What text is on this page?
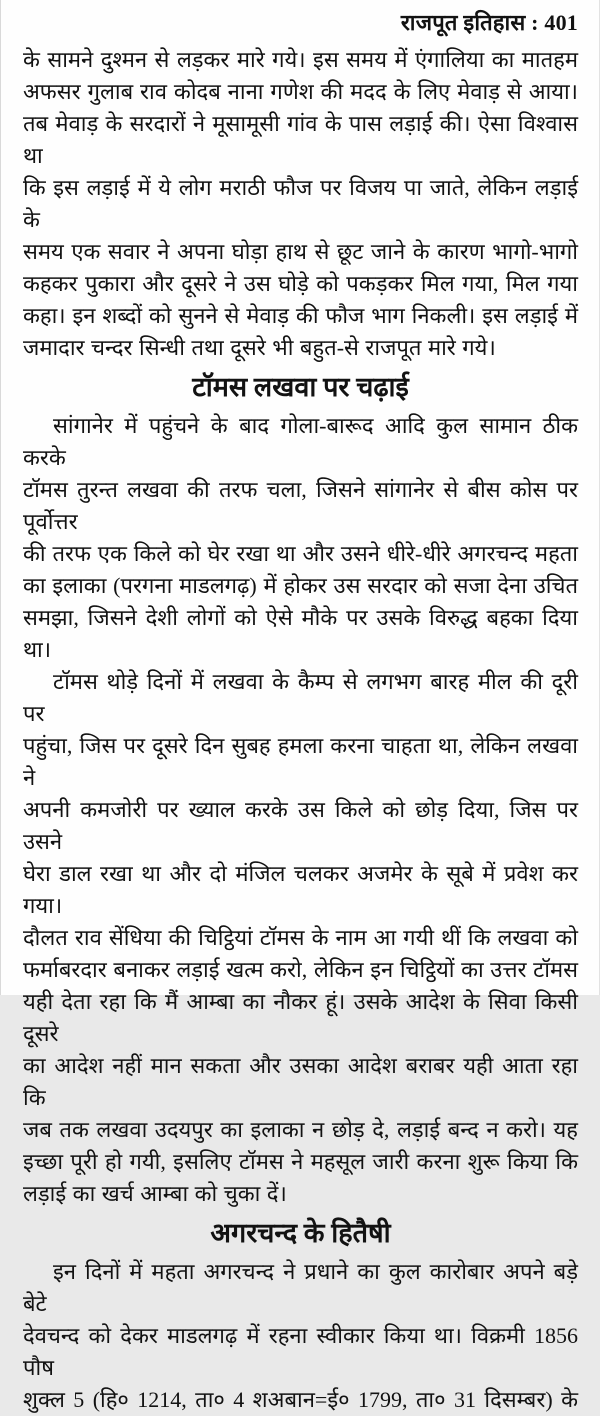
राजपूत इतिहास : 401
के सामने दुश्मन से लड़कर मारे गये। इस समय में एंगालिया का मातहम
अफसर गुलाब राव कोदब नाना गणेश की मदद के लिए मेवाड़ से आया।
तब मेवाड़ के सरदारों ने मूसामूसी गांव के पास लड़ाई की। ऐसा विश्वास था
कि इस लड़ाई में ये लोग मराठी फौज पर विजय पा जाते, लेकिन लड़ाई के
समय एक सवार ने अपना घोड़ा हाथ से छूट जाने के कारण भागो-भागो
कहकर पुकारा और दूसरे ने उस घोड़े को पकड़कर मिल गया, मिल गया
कहा। इन शब्दों को सुनने से मेवाड़ की फौज भाग निकली। इस लड़ाई में
जमादार चन्दर सिन्धी तथा दूसरे भी बहुत-से राजपूत मारे गये।
टॉमस लखवा पर चढ़ाई
सांगानेर में पहुंचने के बाद गोला-बारूद आदि कुल सामान ठीक करके
टॉमस तुरन्त लखवा की तरफ चला, जिसने सांगानेर से बीस कोस पर पूर्वोत्तर
की तरफ एक किले को घेर रखा था और उसने धीरे-धीरे अगरचन्द महता
का इलाका (परगना माडलगढ़) में होकर उस सरदार को सजा देना उचित
समझा, जिसने देशी लोगों को ऐसे मौके पर उसके विरुद्ध बहका दिया था।
टॉमस थोड़े दिनों में लखवा के कैम्प से लगभग बारह मील की दूरी पर
पहुंचा, जिस पर दूसरे दिन सुबह हमला करना चाहता था, लेकिन लखवा ने
अपनी कमजोरी पर ख्याल करके उस किले को छोड़ दिया, जिस पर उसने
घेरा डाल रखा था और दो मंजिल चलकर अजमेर के सूबे में प्रवेश कर गया।
दौलत राव सेंधिया की चिट्ठियां टॉमस के नाम आ गयी थीं कि लखवा को
फर्माबरदार बनाकर लड़ाई खत्म करो, लेकिन इन चिट्ठियों का उत्तर टॉमस
यही देता रहा कि मैं आम्बा का नौकर हूं। उसके आदेश के सिवा किसी दूसरे
का आदेश नहीं मान सकता और उसका आदेश बराबर यही आता रहा कि
जब तक लखवा उदयपुर का इलाका न छोड़ दे, लड़ाई बन्द न करो। यह
इच्छा पूरी हो गयी, इसलिए टॉमस ने महसूल जारी करना शुरू किया कि
लड़ाई का खर्च आम्बा को चुका दें।
अगरचन्द के हितैषी
इन दिनों में महता अगरचन्द ने प्रधाने का कुल कारोबार अपने बड़े बेटे
देवचन्द को देकर माडलगढ़ में रहना स्वीकार किया था। विक्रमी 1856 पौष
शुक्ल 5 (हि० 1214, ता० 4 शअबान=ई० 1799, ता० 31 दिसम्बर) के
